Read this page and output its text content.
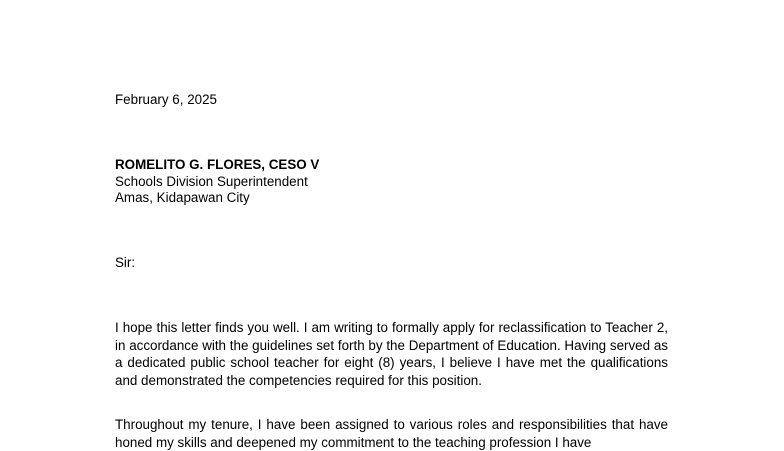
February 6, 2025
ROMELITO G. FLORES, CESO V
Schools Division Superintendent
Amas, Kidapawan City
Sir:
I hope this letter finds you well. I am writing to formally apply for reclassification to Teacher 2, in accordance with the guidelines set forth by the Department of Education. Having served as a dedicated public school teacher for eight (8) years, I believe I have met the qualifications and demonstrated the competencies required for this position.
Throughout my tenure, I have been assigned to various roles and responsibilities that have honed my skills and deepened my commitment to the teaching profession I have
